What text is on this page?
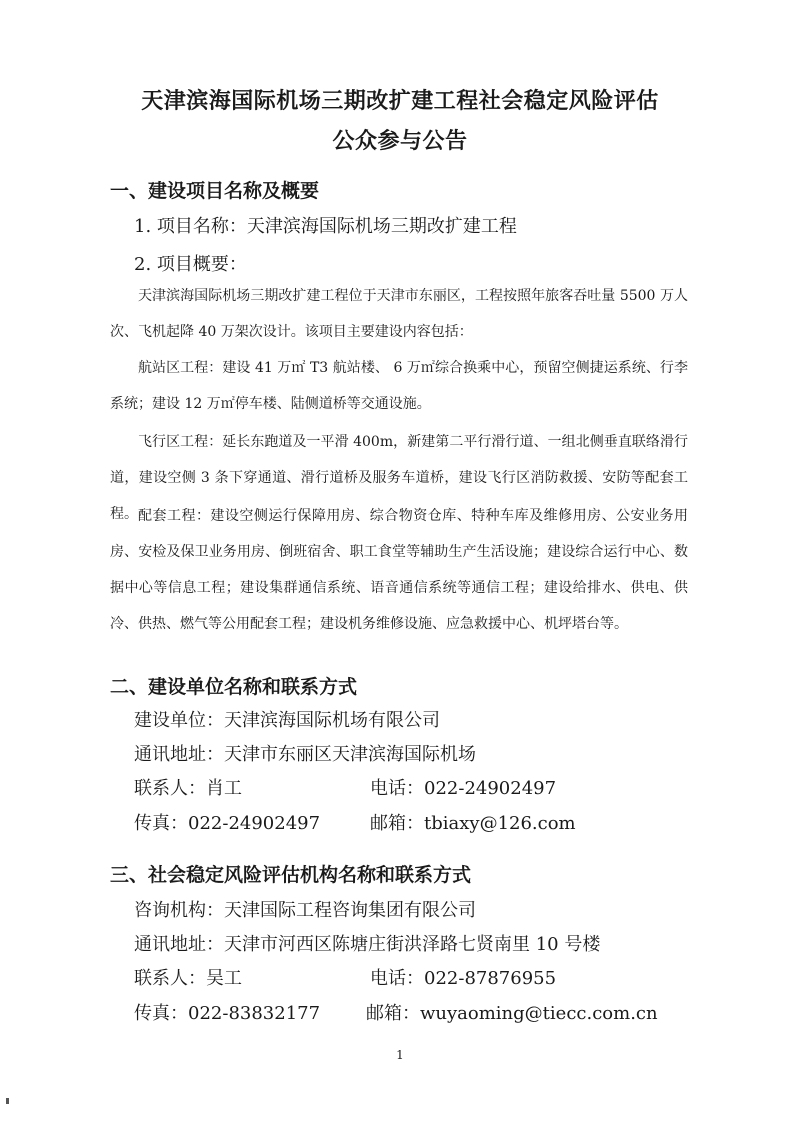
天津滨海国际机场三期改扩建工程社会稳定风险评估
公众参与公告
一、建设项目名称及概要
1. 项目名称：天津滨海国际机场三期改扩建工程
2. 项目概要：
天津滨海国际机场三期改扩建工程位于天津市东丽区，工程按照年旅客吞吐量 5500 万人次、飞机起降 40 万架次设计。该项目主要建设内容包括：
航站区工程：建设 41 万㎡ T3 航站楼、 6 万㎡综合换乘中心，预留空侧捷运系统、行李系统；建设 12 万㎡停车楼、陆侧道桥等交通设施。
飞行区工程：延长东跑道及一平滑 400m，新建第二平行滑行道、一组北侧垂直联络滑行道，建设空侧 3 条下穿通道、滑行道桥及服务车道桥，建设飞行区消防救援、安防等配套工程。 配套工程：建设空侧运行保障用房、综合物资仓库、特种车库及维修用房、公安业务用房、安检及保卫业务用房、倒班宿舍、职工食堂等辅助生产生活设施；建设综合运行中心、数据中心等信息工程；建设集群通信系统、语音通信系统等通信工程；建设给排水、供电、供冷、供热、燃气等公用配套工程；建设机务维修设施、应急救援中心、机坪塔台等。
二、建设单位名称和联系方式
建设单位：天津滨海国际机场有限公司
通讯地址：天津市东丽区天津滨海国际机场
联系人：肖工	电话：022-24902497
传真：022-24902497	邮箱：tbiaxy@126.com
三、社会稳定风险评估机构名称和联系方式
咨询机构：天津国际工程咨询集团有限公司
通讯地址：天津市河西区陈塘庄街洪泽路七贤南里 10 号楼
联系人：吴工	电话：022-87876955
传真：022-83832177	邮箱：wuyaoming@tiecc.com.cn
1
